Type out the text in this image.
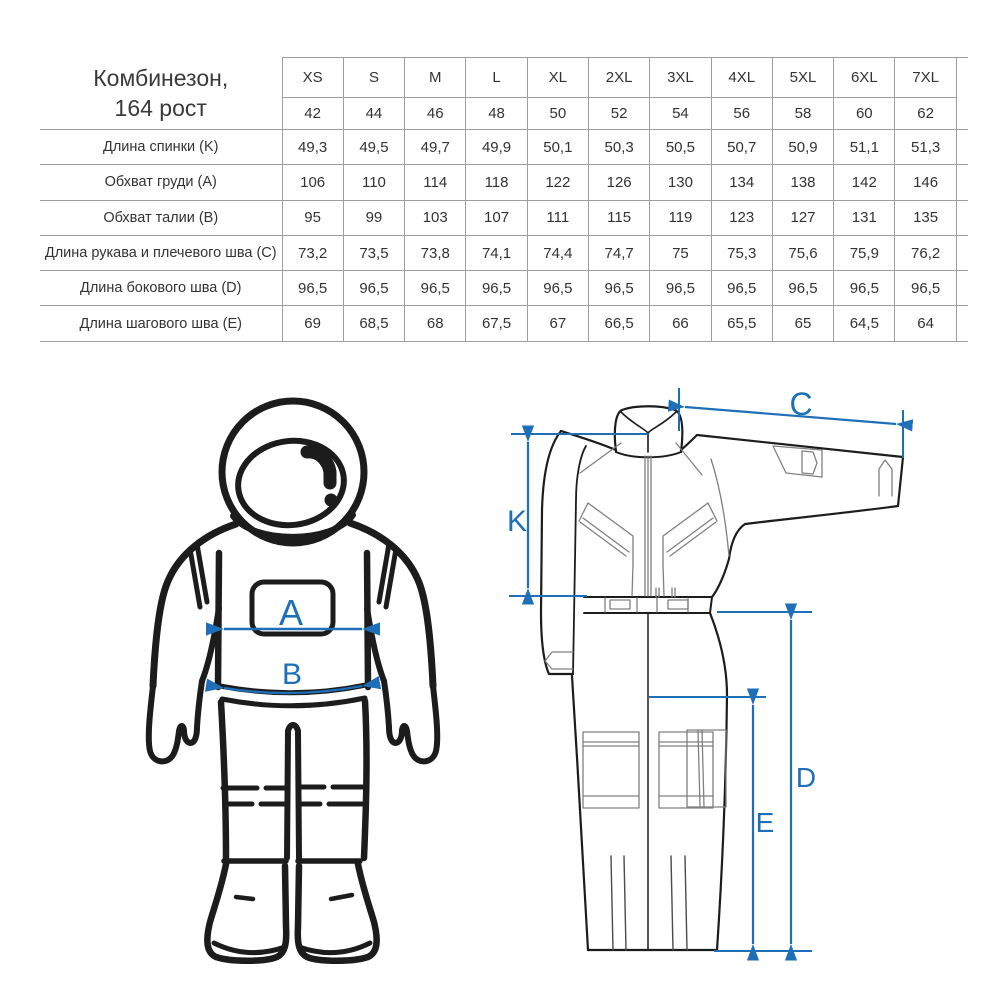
Комбинезон,
164 рост	XS	S	M	L	XL	2XL	3XL	4XL	5XL	6XL	7XL	
	42	44	46	48	50	52	54	56	58	60	62	
Длина спинки (K)	49,3	49,5	49,7	49,9	50,1	50,3	50,5	50,7	50,9	51,1	51,3	
Обхват груди (A)	106	110	114	118	122	126	130	134	138	142	146	
Обхват талии (B)	95	99	103	107	111	115	119	123	127	131	135	
Длина рукава и плечевого шва (C)	73,2	73,5	73,8	74,1	74,4	74,7	75	75,3	75,6	75,9	76,2	
Длина бокового шва (D)	96,5	96,5	96,5	96,5	96,5	96,5	96,5	96,5	96,5	96,5	96,5	
Длина шагового шва (E)	69	68,5	68	67,5	67	66,5	66	65,5	65	64,5	64	
A
B
C
K
D
E
